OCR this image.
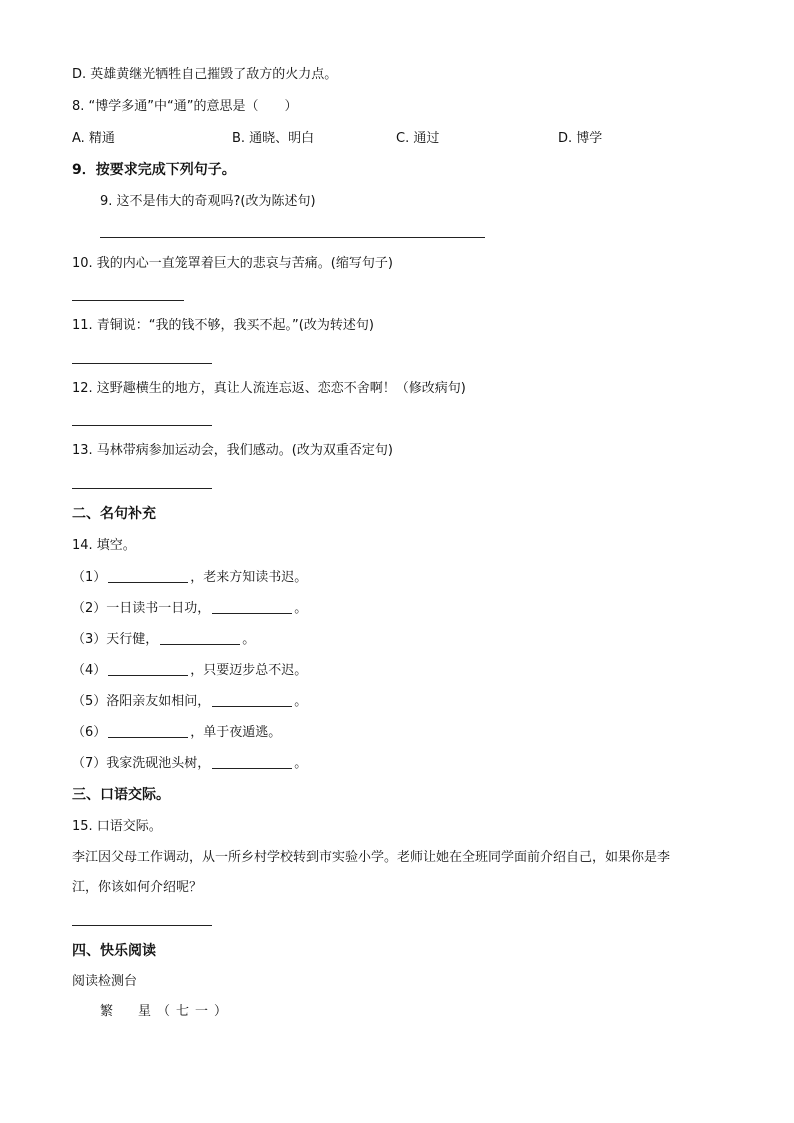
D. 英雄黄继光牺牲自己摧毁了敌方的火力点。
8. “博学多通”中“通”的意思是（　　）
A. 精通	B. 通晓、明白	C. 通过	D. 博学
9．按要求完成下列句子。
9. 这不是伟大的奇观吗?(改为陈述句)
10. 我的内心一直笼罩着巨大的悲哀与苦痛。(缩写句子)
11. 青铜说：“我的钱不够，我买不起。”(改为转述句)
12. 这野趣横生的地方，真让人流连忘返、恋恋不舍啊！（修改病句)
13. 马林带病参加运动会，我们感动。(改为双重否定句)
二、名句补充
14. 填空。
（1）	，老来方知读书迟。
（2）一日读书一日功，	。
（3）天行健，	。
（4）	，只要迈步总不迟。
（5）洛阳亲友如相问，	。
（6）	，单于夜遁逃。
（7）我家洗砚池头树，	。
三、口语交际。
15. 口语交际。
李江因父母工作调动，从一所乡村学校转到市实验小学。老师让她在全班同学面前介绍自己，如果你是李
江，你该如何介绍呢？
四、快乐阅读
阅读检测台
繁　星（七一）
